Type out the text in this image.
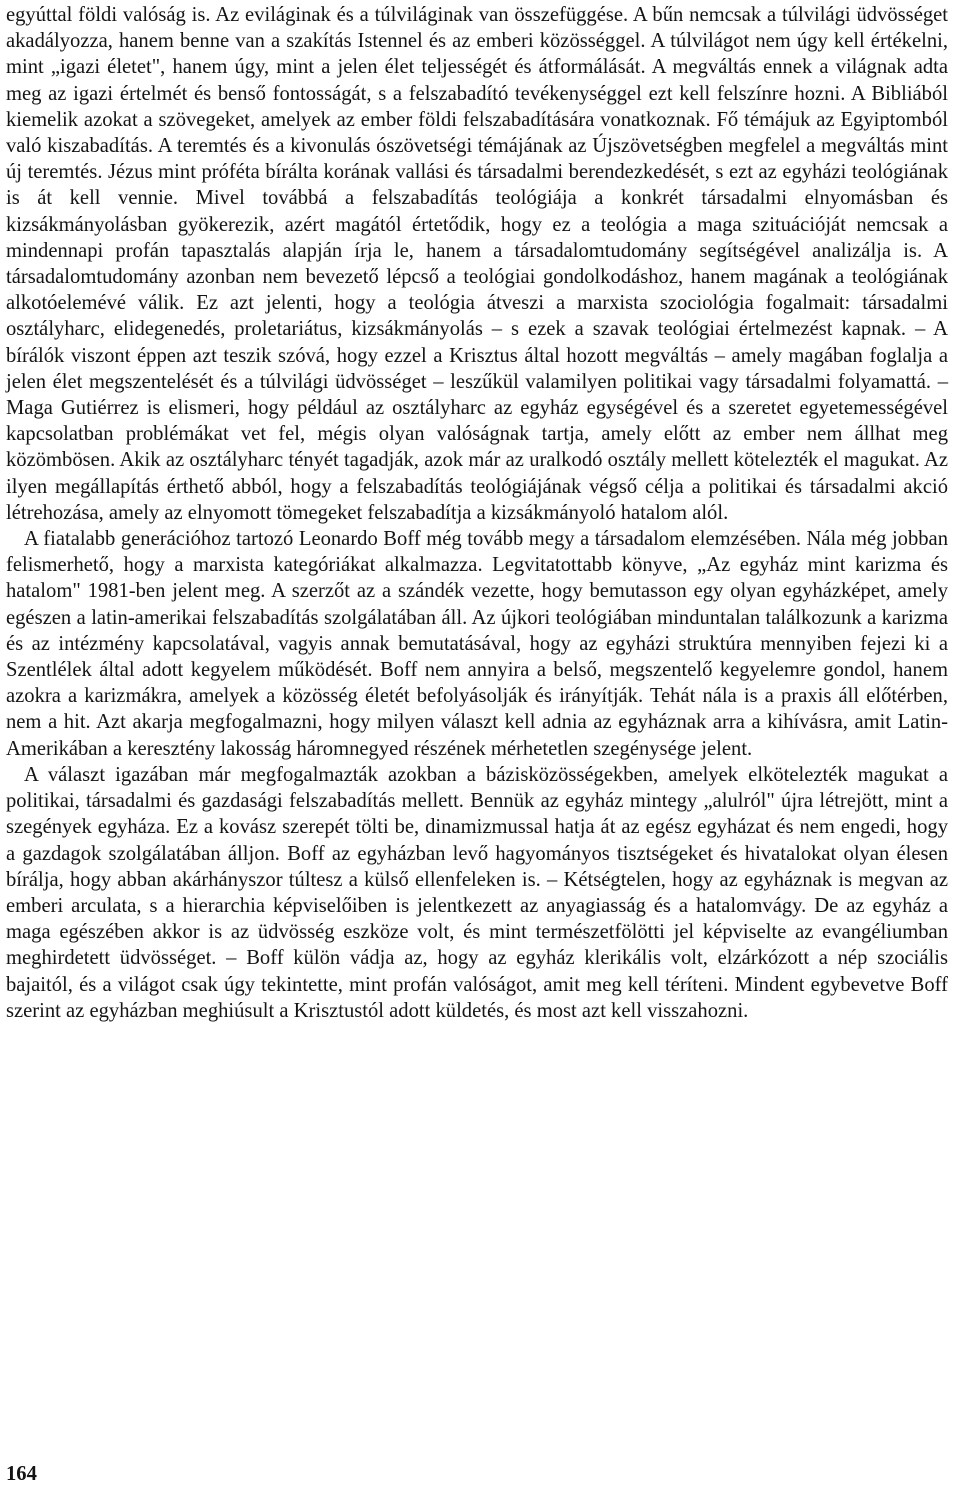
egyúttal földi valóság is. Az eviláginak és a túlviláginak van összefüggése. A bűn nemcsak a túlvilági üdvösséget akadályozza, hanem benne van a szakítás Istennel és az emberi közösséggel. A túlvilágot nem úgy kell értékelni, mint „igazi életet", hanem úgy, mint a jelen élet teljességét és átformálását. A megváltás ennek a világnak adta meg az igazi értelmét és benső fontosságát, s a felszabadító tevékenységgel ezt kell felszínre hozni. A Bibliából kiemelik azokat a szövegeket, amelyek az ember földi felszabadítására vonatkoznak. Fő témájuk az Egyiptomból való kiszabadítás. A teremtés és a kivonulás ószövetségi témájának az Újszövetségben megfelel a megváltás mint új teremtés. Jézus mint próféta bírálta korának vallási és társadalmi berendezkedését, s ezt az egyházi teológiának is át kell vennie. Mivel továbbá a felszabadítás teológiája a konkrét társadalmi elnyomásban és kizsákmányolásban gyökerezik, azért magától értetődik, hogy ez a teológia a maga szituációját nemcsak a mindennapi profán tapasztalás alapján írja le, hanem a társadalomtudomány segítségével analizálja is. A társadalomtudomány azonban nem bevezető lépcső a teológiai gondolkodáshoz, hanem magának a teológiának alkotóelemévé válik. Ez azt jelenti, hogy a teológia átveszi a marxista szociológia fogalmait: társadalmi osztályharc, elidegenedés, proletariátus, kizsákmányolás – s ezek a szavak teológiai értelmezést kapnak. – A bírálók viszont éppen azt teszik szóvá, hogy ezzel a Krisztus által hozott megváltás – amely magában foglalja a jelen élet megszentelését és a túlvilági üdvösséget – leszűkül valamilyen politikai vagy társadalmi folyamattá. – Maga Gutiérrez is elismeri, hogy például az osztályharc az egyház egységével és a szeretet egyetemességével kapcsolatban problémákat vet fel, mégis olyan valóságnak tartja, amely előtt az ember nem állhat meg közömbösen. Akik az osztályharc tényét tagadják, azok már az uralkodó osztály mellett kötelezték el magukat. Az ilyen megállapítás érthető abból, hogy a felszabadítás teológiájának végső célja a politikai és társadalmi akció létrehozása, amely az elnyomott tömegeket felszabadítja a kizsákmányoló hatalom alól.

A fiatalabb generációhoz tartozó Leonardo Boff még tovább megy a társadalom elemzésében. Nála még jobban felismerhető, hogy a marxista kategóriákat alkalmazza. Legvitatottabb könyve, „Az egyház mint karizma és hatalom" 1981-ben jelent meg. A szerzőt az a szándék vezette, hogy bemutasson egy olyan egyházképet, amely egészen a latin-amerikai felszabadítás szolgálatában áll. Az újkori teológiában minduntalan találkozunk a karizma és az intézmény kapcsolatával, vagyis annak bemutatásával, hogy az egyházi struktúra mennyiben fejezi ki a Szentlélek által adott kegyelem működését. Boff nem annyira a belső, megszentelő kegyelemre gondol, hanem azokra a karizmákra, amelyek a közösség életét befolyásolják és irányítják. Tehát nála is a praxis áll előtérben, nem a hit. Azt akarja megfogalmazni, hogy milyen választ kell adnia az egyháznak arra a kihívásra, amit Latin-Amerikában a keresztény lakosság háromnegyed részének mérhetetlen szegénysége jelent.

A választ igazában már megfogalmazták azokban a bázisközösségekben, amelyek elkötelezték magukat a politikai, társadalmi és gazdasági felszabadítás mellett. Bennük az egyház mintegy „alulról" újra létrejött, mint a szegények egyháza. Ez a kovász szerepét tölti be, dinamizmussal hatja át az egész egyházat és nem engedi, hogy a gazdagok szolgálatában álljon. Boff az egyházban levő hagyományos tisztségeket és hivatalokat olyan élesen bírálja, hogy abban akárhányszor túltesz a külső ellenfeleken is. – Kétségtelen, hogy az egyháznak is megvan az emberi arculata, s a hierarchia képviselőiben is jelentkezett az anyagiasság és a hatalomvágy. De az egyház a maga egészében akkor is az üdvösség eszköze volt, és mint természetfölötti jel képviselte az evangéliumban meghirdetett üdvösséget. – Boff külön vádja az, hogy az egyház klerikális volt, elzárkózott a nép szociális bajaitól, és a világot csak úgy tekintette, mint profán valóságot, amit meg kell téríteni. Mindent egybevetve Boff szerint az egyházban meghiúsult a Krisztustól adott küldetés, és most azt kell visszahozni.

164
